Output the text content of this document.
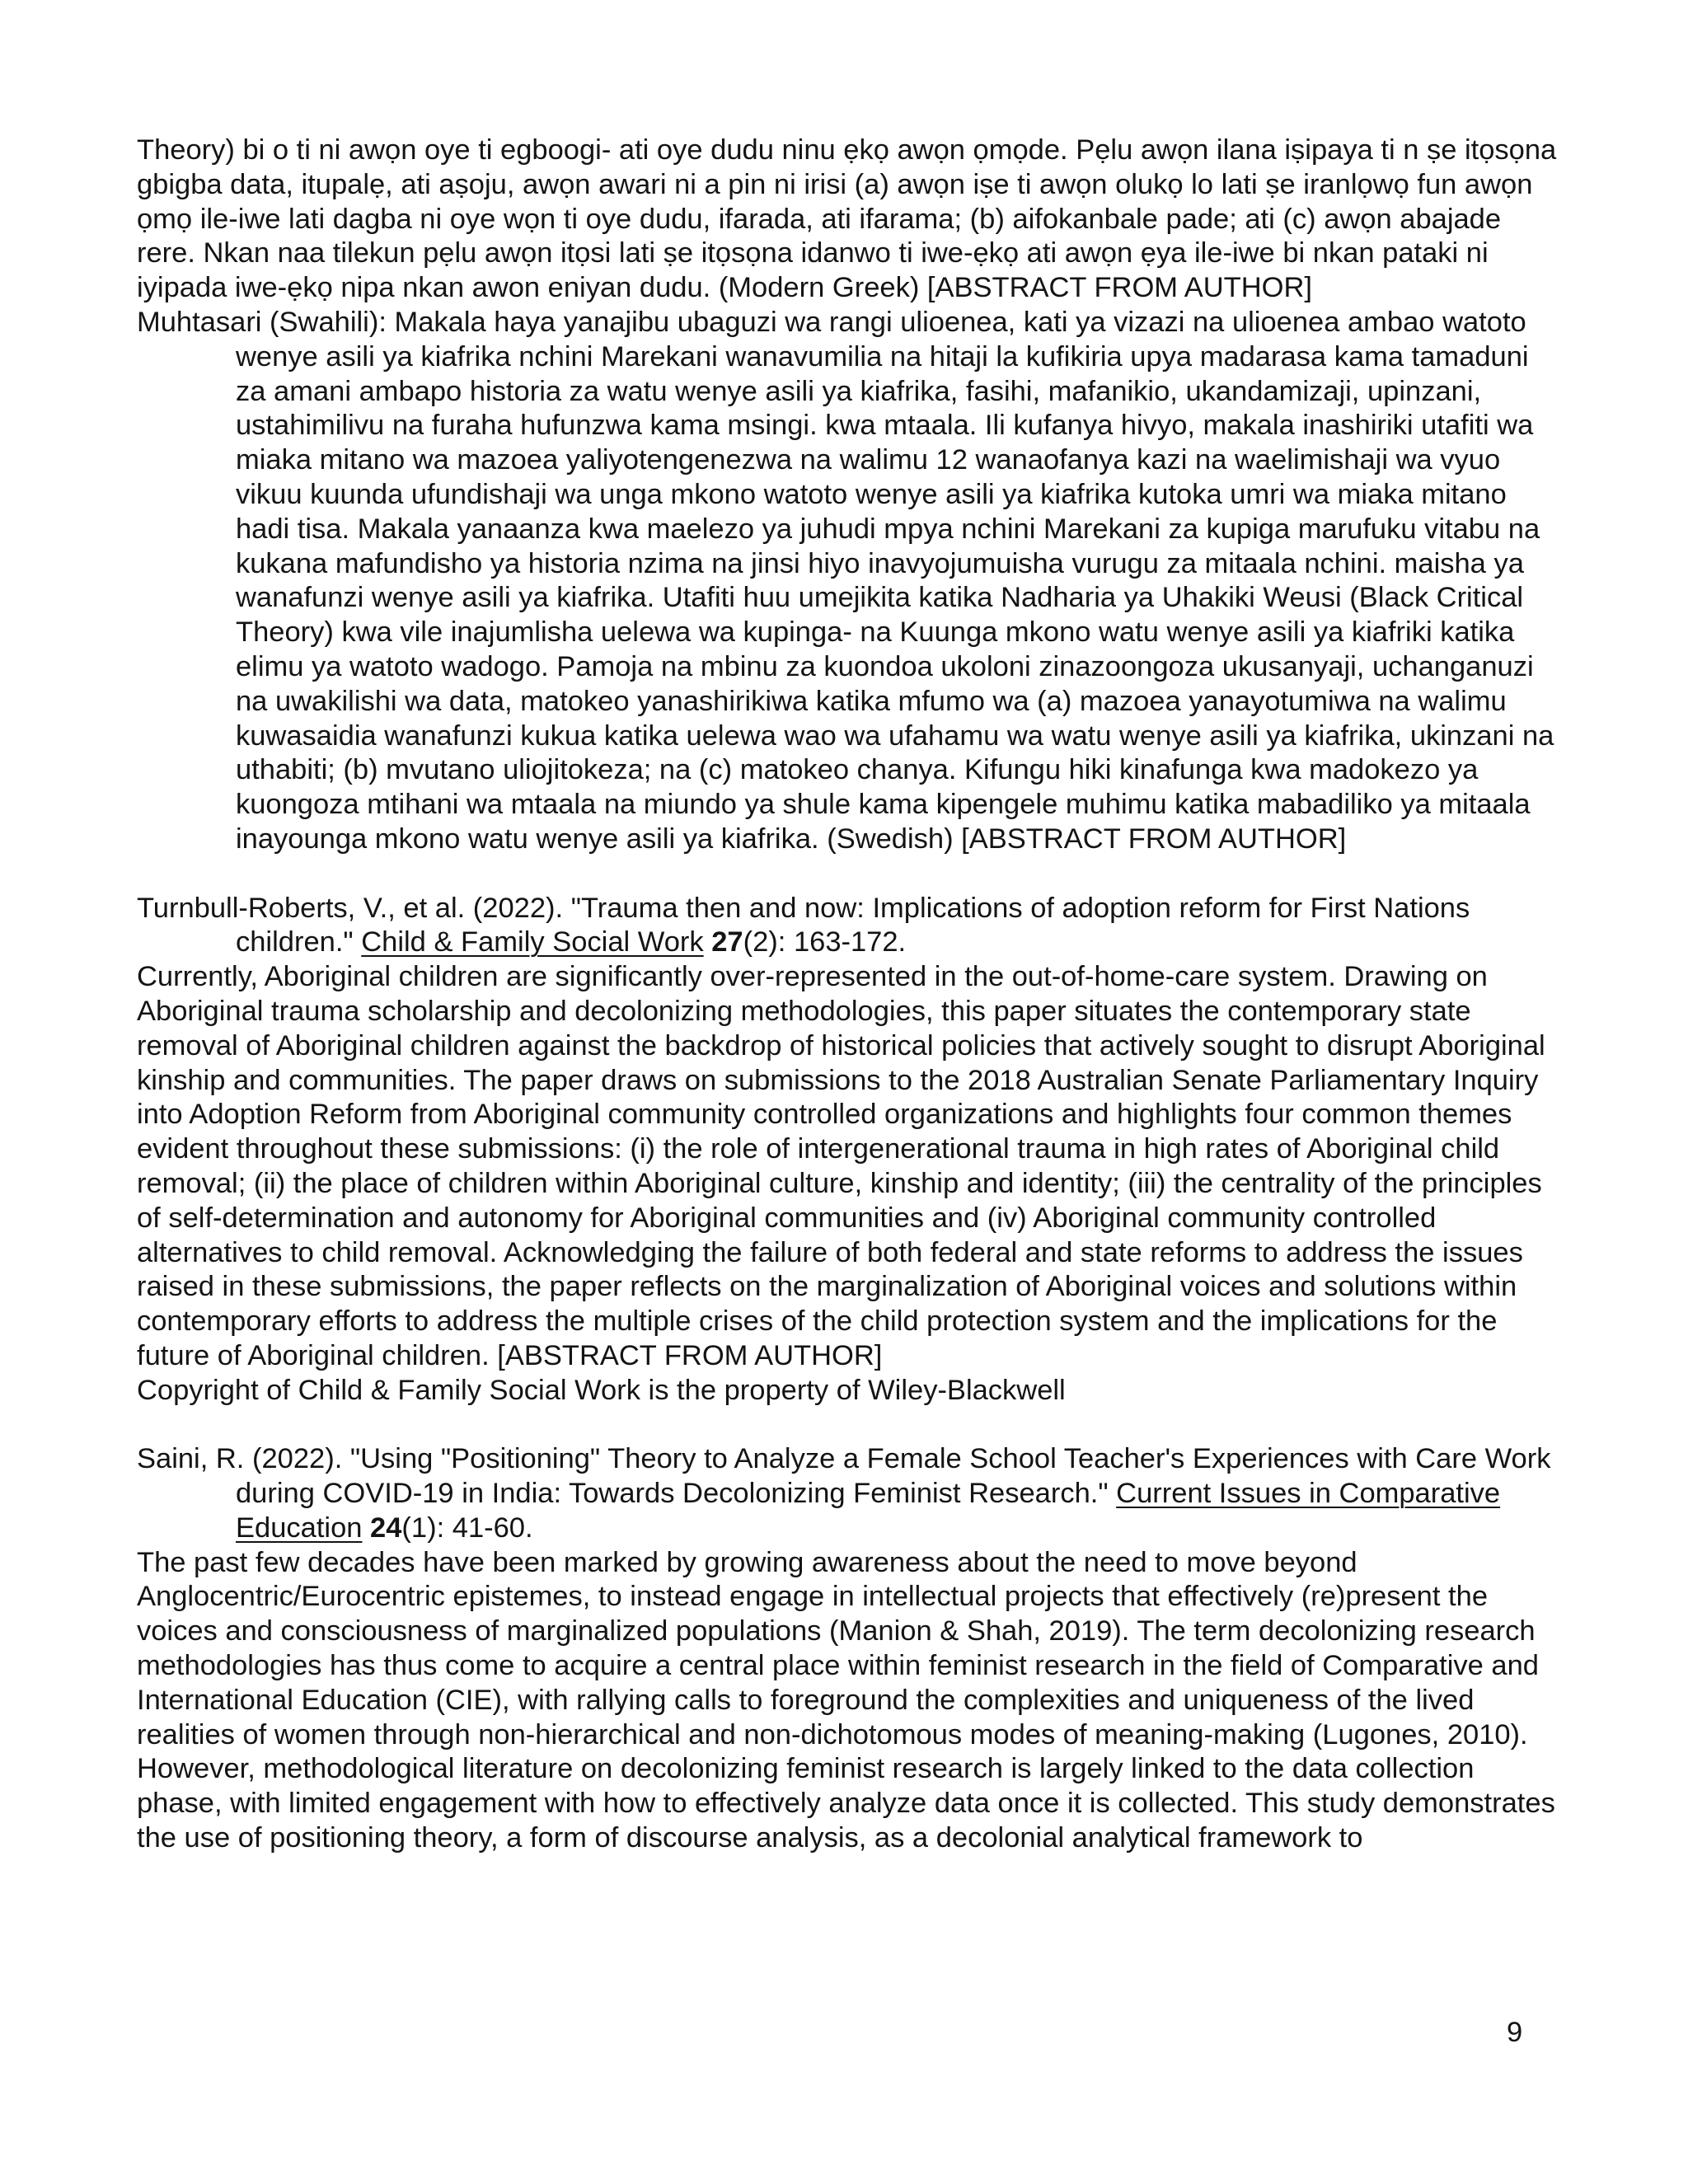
Theory) bi o ti ni awọn oye ti egboogi- ati oye dudu ninu ẹkọ awọn ọmọde. Pẹlu awọn ilana iṣipaya ti n ṣe itọsọna gbigba data, itupalẹ, ati aṣoju, awọn awari ni a pin ni irisi (a) awọn iṣe ti awọn olukọ lo lati ṣe iranlọwọ fun awọn ọmọ ile-iwe lati dagba ni oye wọn ti oye dudu, ifarada, ati ifarama; (b) aifokanbale pade; ati (c) awọn abajade rere. Nkan naa tilekun pẹlu awọn itọsi lati ṣe itọsọna idanwo ti iwe-ẹkọ ati awọn ẹya ile-iwe bi nkan pataki ni iyipada iwe-ẹkọ nipa nkan awon eniyan dudu. (Modern Greek) [ABSTRACT FROM AUTHOR]

Muhtasari (Swahili): Makala haya yanajibu ubaguzi wa rangi ulioenea, kati ya vizazi na ulioenea ambao watoto wenye asili ya kiafrika nchini Marekani wanavumilia na hitaji la kufikiria upya madarasa kama tamaduni za amani ambapo historia za watu wenye asili ya kiafrika, fasihi, mafanikio, ukandamizaji, upinzani, ustahimilivu na furaha hufunzwa kama msingi. kwa mtaala. Ili kufanya hivyo, makala inashiriki utafiti wa miaka mitano wa mazoea yaliyotengenezwa na walimu 12 wanaofanya kazi na waelimishaji wa vyuo vikuu kuunda ufundishaji wa unga mkono watoto wenye asili ya kiafrika kutoka umri wa miaka mitano hadi tisa. Makala yanaanza kwa maelezo ya juhudi mpya nchini Marekani za kupiga marufuku vitabu na kukana mafundisho ya historia nzima na jinsi hiyo inavyojumuisha vurugu za mitaala nchini. maisha ya wanafunzi wenye asili ya kiafrika. Utafiti huu umejikita katika Nadharia ya Uhakiki Weusi (Black Critical Theory) kwa vile inajumlisha uelewa wa kupinga- na Kuunga mkono watu wenye asili ya kiafriki katika elimu ya watoto wadogo. Pamoja na mbinu za kuondoa ukoloni zinazoongoza ukusanyaji, uchanganuzi na uwakilishi wa data, matokeo yanashirikiwa katika mfumo wa (a) mazoea yanayotumiwa na walimu kuwasaidia wanafunzi kukua katika uelewa wao wa ufahamu wa watu wenye asili ya kiafrika, ukinzani na uthabiti; (b) mvutano uliojitokeza; na (c) matokeo chanya. Kifungu hiki kinafunga kwa madokezo ya kuongoza mtihani wa mtaala na miundo ya shule kama kipengele muhimu katika mabadiliko ya mitaala inayounga mkono watu wenye asili ya kiafrika. (Swedish) [ABSTRACT FROM AUTHOR]

Turnbull-Roberts, V., et al. (2022). "Trauma then and now: Implications of adoption reform for First Nations children." Child & Family Social Work 27(2): 163-172.

Currently, Aboriginal children are significantly over-represented in the out-of-home-care system. Drawing on Aboriginal trauma scholarship and decolonizing methodologies, this paper situates the contemporary state removal of Aboriginal children against the backdrop of historical policies that actively sought to disrupt Aboriginal kinship and communities. The paper draws on submissions to the 2018 Australian Senate Parliamentary Inquiry into Adoption Reform from Aboriginal community controlled organizations and highlights four common themes evident throughout these submissions: (i) the role of intergenerational trauma in high rates of Aboriginal child removal; (ii) the place of children within Aboriginal culture, kinship and identity; (iii) the centrality of the principles of self-determination and autonomy for Aboriginal communities and (iv) Aboriginal community controlled alternatives to child removal. Acknowledging the failure of both federal and state reforms to address the issues raised in these submissions, the paper reflects on the marginalization of Aboriginal voices and solutions within contemporary efforts to address the multiple crises of the child protection system and the implications for the future of Aboriginal children. [ABSTRACT FROM AUTHOR]

Copyright of Child & Family Social Work is the property of Wiley-Blackwell

Saini, R. (2022). "Using "Positioning" Theory to Analyze a Female School Teacher's Experiences with Care Work during COVID-19 in India: Towards Decolonizing Feminist Research." Current Issues in Comparative Education 24(1): 41-60.

The past few decades have been marked by growing awareness about the need to move beyond Anglocentric/Eurocentric epistemes, to instead engage in intellectual projects that effectively (re)present the voices and consciousness of marginalized populations (Manion & Shah, 2019). The term decolonizing research methodologies has thus come to acquire a central place within feminist research in the field of Comparative and International Education (CIE), with rallying calls to foreground the complexities and uniqueness of the lived realities of women through non-hierarchical and non-dichotomous modes of meaning-making (Lugones, 2010). However, methodological literature on decolonizing feminist research is largely linked to the data collection phase, with limited engagement with how to effectively analyze data once it is collected. This study demonstrates the use of positioning theory, a form of discourse analysis, as a decolonial analytical framework to

9
